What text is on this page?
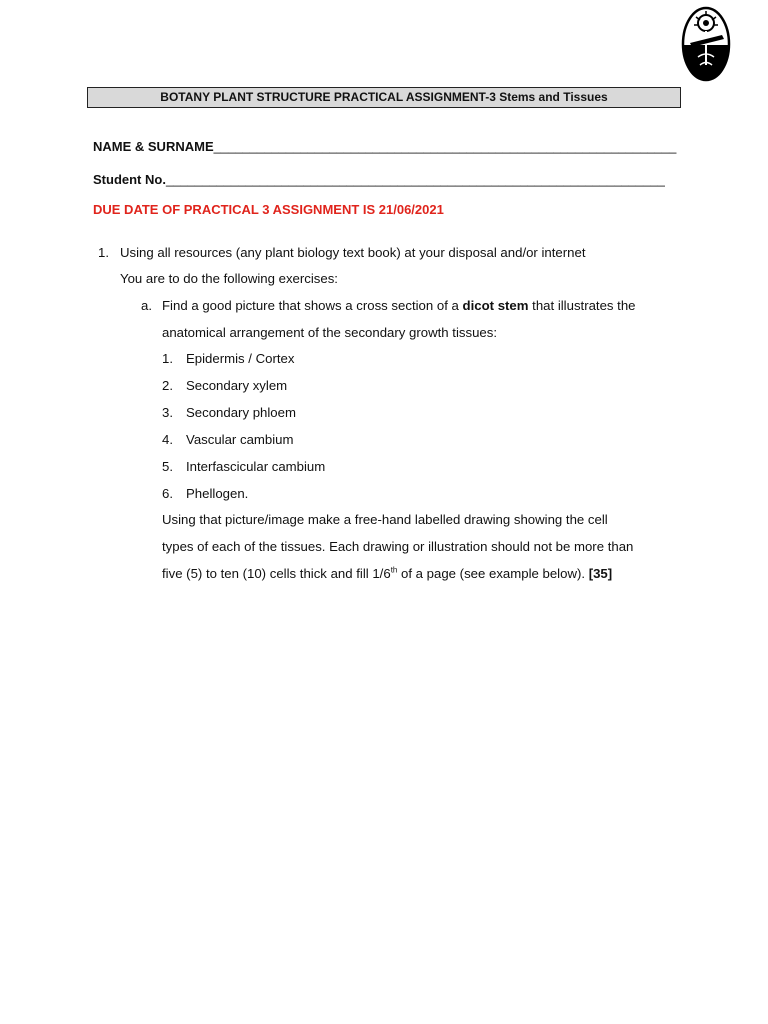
BOTANY PLANT STRUCTURE PRACTICAL ASSIGNMENT-3 Stems and Tissues
NAME & SURNAME________________________________________________________________
Student No._____________________________________________________________________
DUE DATE OF PRACTICAL 3 ASSIGNMENT IS 21/06/2021
1. Using all resources (any plant biology text book) at your disposal and/or internet
You are to do the following exercises:
a. Find a good picture that shows a cross section of a dicot stem that illustrates the
anatomical arrangement of the secondary growth tissues:
1. Epidermis / Cortex
2. Secondary xylem
3. Secondary phloem
4. Vascular cambium
5. Interfascicular cambium
6. Phellogen.
Using that picture/image make a free-hand labelled drawing showing the cell
types of each of the tissues. Each drawing or illustration should not be more than
five (5) to ten (10) cells thick and fill 1/6th of a page (see example below). [35]
